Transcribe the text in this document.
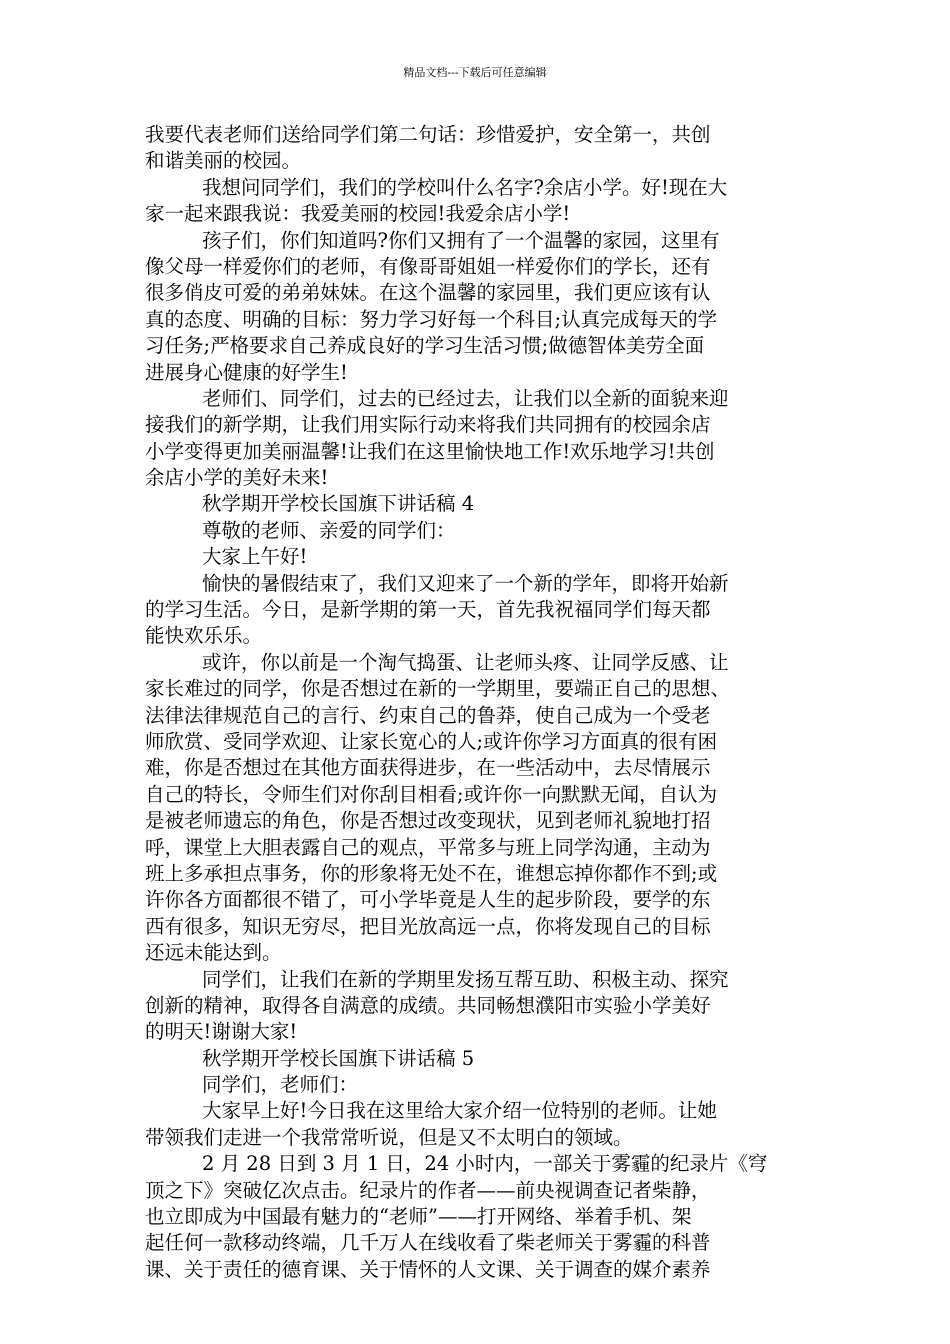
精品文档---下载后可任意编辑
我要代表老师们送给同学们第二句话：珍惜爱护，安全第一，共创
和谐美丽的校园。
我想问同学们，我们的学校叫什么名字?余店小学。好!现在大
家一起来跟我说：我爱美丽的校园!我爱余店小学!
孩子们，你们知道吗?你们又拥有了一个温馨的家园，这里有
像父母一样爱你们的老师，有像哥哥姐姐一样爱你们的学长，还有
很多俏皮可爱的弟弟妹妹。在这个温馨的家园里，我们更应该有认
真的态度、明确的目标：努力学习好每一个科目;认真完成每天的学
习任务;严格要求自己养成良好的学习生活习惯;做德智体美劳全面
进展身心健康的好学生!
老师们、同学们，过去的已经过去，让我们以全新的面貌来迎
接我们的新学期，让我们用实际行动来将我们共同拥有的校园余店
小学变得更加美丽温馨!让我们在这里愉快地工作!欢乐地学习!共创
余店小学的美好未来!
秋学期开学校长国旗下讲话稿 4
尊敬的老师、亲爱的同学们：
大家上午好!
愉快的暑假结束了，我们又迎来了一个新的学年，即将开始新
的学习生活。今日，是新学期的第一天，首先我祝福同学们每天都
能快欢乐乐。
或许，你以前是一个淘气捣蛋、让老师头疼、让同学反感、让
家长难过的同学，你是否想过在新的一学期里，要端正自己的思想、
法律法律规范自己的言行、约束自己的鲁莽，使自己成为一个受老
师欣赏、受同学欢迎、让家长宽心的人;或许你学习方面真的很有困
难，你是否想过在其他方面获得进步，在一些活动中，去尽情展示
自己的特长，令师生们对你刮目相看;或许你一向默默无闻，自认为
是被老师遗忘的角色，你是否想过改变现状，见到老师礼貌地打招
呼，课堂上大胆表露自己的观点，平常多与班上同学沟通，主动为
班上多承担点事务，你的形象将无处不在，谁想忘掉你都作不到;或
许你各方面都很不错了，可小学毕竟是人生的起步阶段，要学的东
西有很多，知识无穷尽，把目光放高远一点，你将发现自己的目标
还远未能达到。
同学们，让我们在新的学期里发扬互帮互助、积极主动、探究
创新的精神，取得各自满意的成绩。共同畅想濮阳市实验小学美好
的明天!谢谢大家!
秋学期开学校长国旗下讲话稿 5
同学们，老师们：
大家早上好!今日我在这里给大家介绍一位特别的老师。让她
带领我们走进一个我常常听说，但是又不太明白的领域。
2 月 28 日到 3 月 1 日，24 小时内，一部关于雾霾的纪录片《穹
顶之下》突破亿次点击。纪录片的作者——前央视调查记者柴静，
也立即成为中国最有魅力的“老师”——打开网络、举着手机、架
起任何一款移动终端，几千万人在线收看了柴老师关于雾霾的科普
课、关于责任的德育课、关于情怀的人文课、关于调查的媒介素养
